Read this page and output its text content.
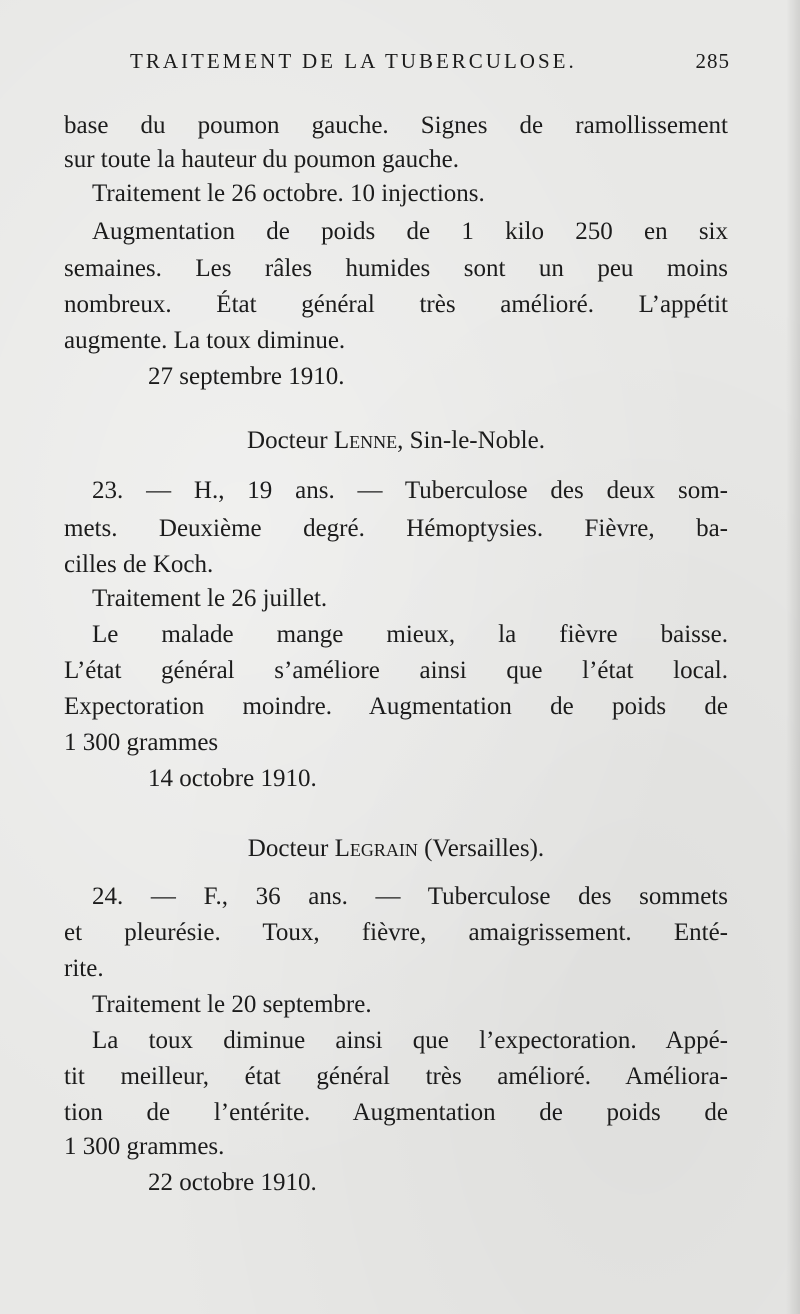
TRAITEMENT DE LA TUBERCULOSE.	285
base du poumon gauche. Signes de ramollissement
sur toute la hauteur du poumon gauche.
Traitement le 26 octobre. 10 injections.
Augmentation de poids de 1 kilo 250 en six
semaines. Les râles humides sont un peu moins
nombreux. État général très amélioré. L’appétit
augmente. La toux diminue.
27 septembre 1910.
Docteur Lenne, Sin-le-Noble.
23. — H., 19 ans. — Tuberculose des deux som-
mets. Deuxième degré. Hémoptysies. Fièvre, ba-
cilles de Koch.
Traitement le 26 juillet.
Le malade mange mieux, la fièvre baisse.
L’état général s’améliore ainsi que l’état local.
Expectoration moindre. Augmentation de poids de
1 300 grammes
14 octobre 1910.
Docteur Legrain (Versailles).
24. — F., 36 ans. — Tuberculose des sommets
et pleurésie. Toux, fièvre, amaigrissement. Enté-
rite.
Traitement le 20 septembre.
La toux diminue ainsi que l’expectoration. Appé-
tit meilleur, état général très amélioré. Améliora-
tion de l’entérite. Augmentation de poids de
1 300 grammes.
22 octobre 1910.
